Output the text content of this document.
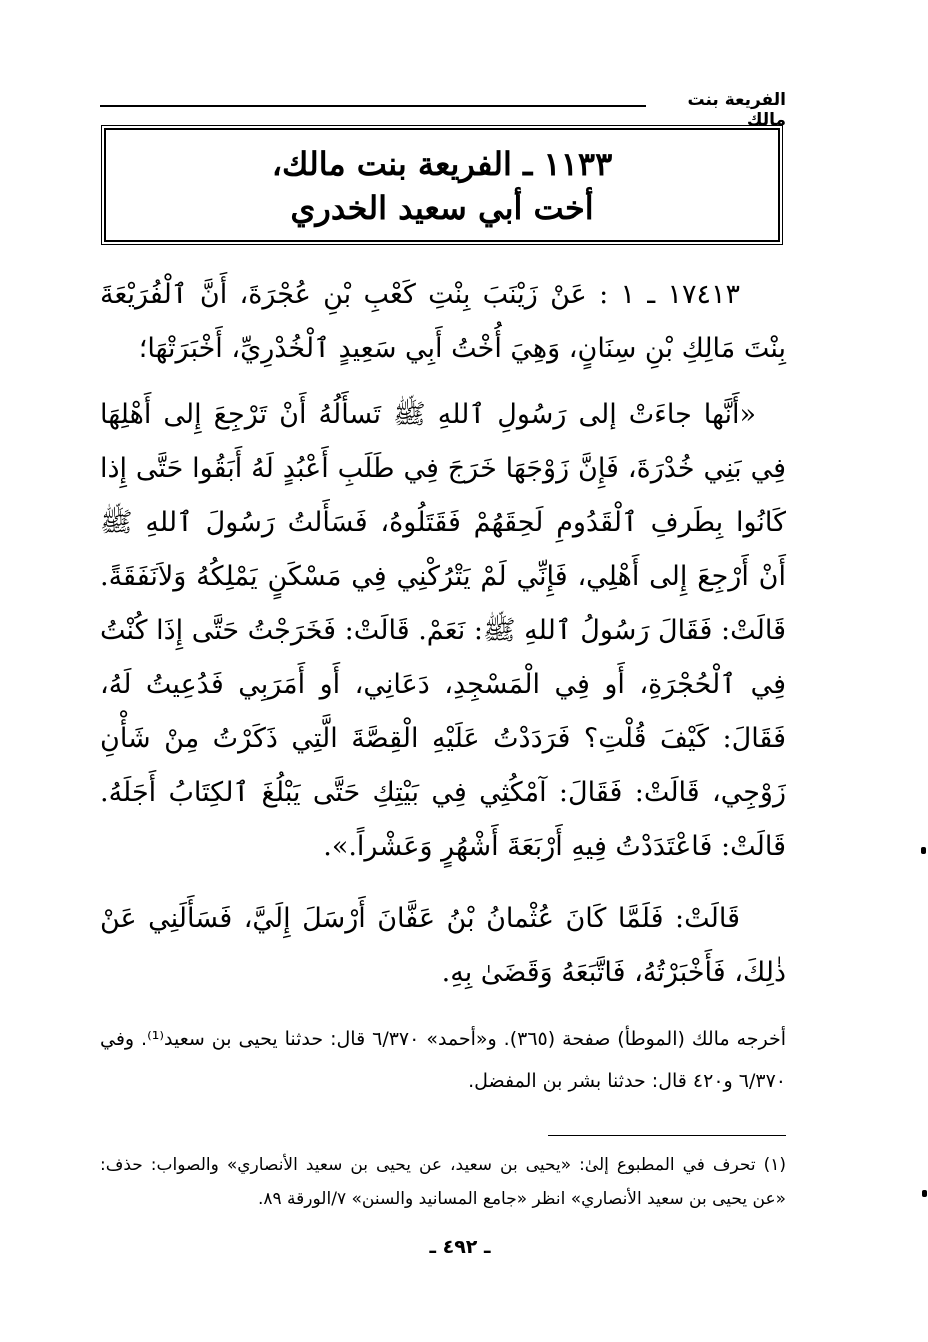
الفريعة بنت مالك
١١٣٣ ـ الفريعة بنت مالك،
أخت أبي سعيد الخدري
١٧٤١٣ ـ ١ : عَنْ زَيْنَبَ بِنْتِ كَعْبِ بْنِ عُجْرَةَ، أَنَّ ٱلْفُرَيْعَةَ بِنْتَ مَالِكِ بْنِ سِنَانٍ، وَهِيَ أُخْتُ أَبِي سَعِيدٍ ٱلْخُدْرِيِّ، أَخْبَرَتْهَا؛
«أَنَّها جاءَتْ إلى رَسُولِ ٱللهِ ﷺ تَسأَلُهُ أَنْ تَرْجِعَ إِلى أَهْلِهَا فِي بَنِي خُدْرَةَ، فَإِنَّ زَوْجَهَا خَرَجَ فِي طَلَبِ أَعْبُدٍ لَهُ أَبَقُوا حَتَّى إِذا كَانُوا بِطَرفِ ٱلْقَدُومِ لَحِقَهُمْ فَقَتَلُوهُ، فَسَأَلتُ رَسُولَ ٱللهِ ﷺ أَنْ أَرْجِعَ إِلى أَهْلِي، فَإِنِّي لَمْ يَتْرُكْنِي فِي مَسْكَنٍ يَمْلِكُهُ وَلاَنَفَقَةً. قَالَتْ: فَقَالَ رَسُولُ ٱللهِ ﷺ: نَعَمْ. قَالَتْ: فَخَرَجْتُ حَتَّى إِذَا كُنْتُ فِي ٱلْحُجْرَةِ، أَو فِي الْمَسْجِدِ، دَعَانِي، أَو أَمَرَبِي فَدُعِيتُ لَهُ، فَقَالَ: كَيْفَ قُلْتِ؟ فَرَدَدْتُ عَلَيْهِ الْقِصَّةَ الَّتِي ذَكَرْتُ مِنْ شَأْنِ زَوْجِي، قَالَتْ: فَقَالَ: آمْكُثِي فِي بَيْتِكِ حَتَّى يَبْلُغَ ٱلكِتَابُ أَجَلَهُ. قَالَتْ: فَاعْتَدَدْتُ فِيهِ أَرْبَعَةَ أَشْهُرٍ وَعَشْراً.».
قَالَتْ: فَلَمَّا كَانَ عُثْمانُ بْنُ عَفَّانَ أَرْسَلَ إِلَيَّ، فَسَأَلَنِي عَنْ ذٰلِكَ، فَأَخْبَرْتُهُ، فَاتَّبَعَهُ وَقَضَىٰ بِهِ.
أخرجه مالك (الموطأ) صفحة (٣٦٥). و«أحمد» ٦/٣٧٠ قال: حدثنا يحيى بن سعيد⁽¹⁾. وفي ٦/٣٧٠ و٤٢٠ قال: حدثنا بشر بن المفضل.
(١) تحرف في المطبوع إلىٰ: «يحيى بن سعيد، عن يحيى بن سعيد الأنصاري» والصواب: حذف: «عن يحيى بن سعيد الأنصاري» انظر «جامع المسانيد والسنن» ٧/الورقة ٨٩.
ـ ٤٩٢ ـ
